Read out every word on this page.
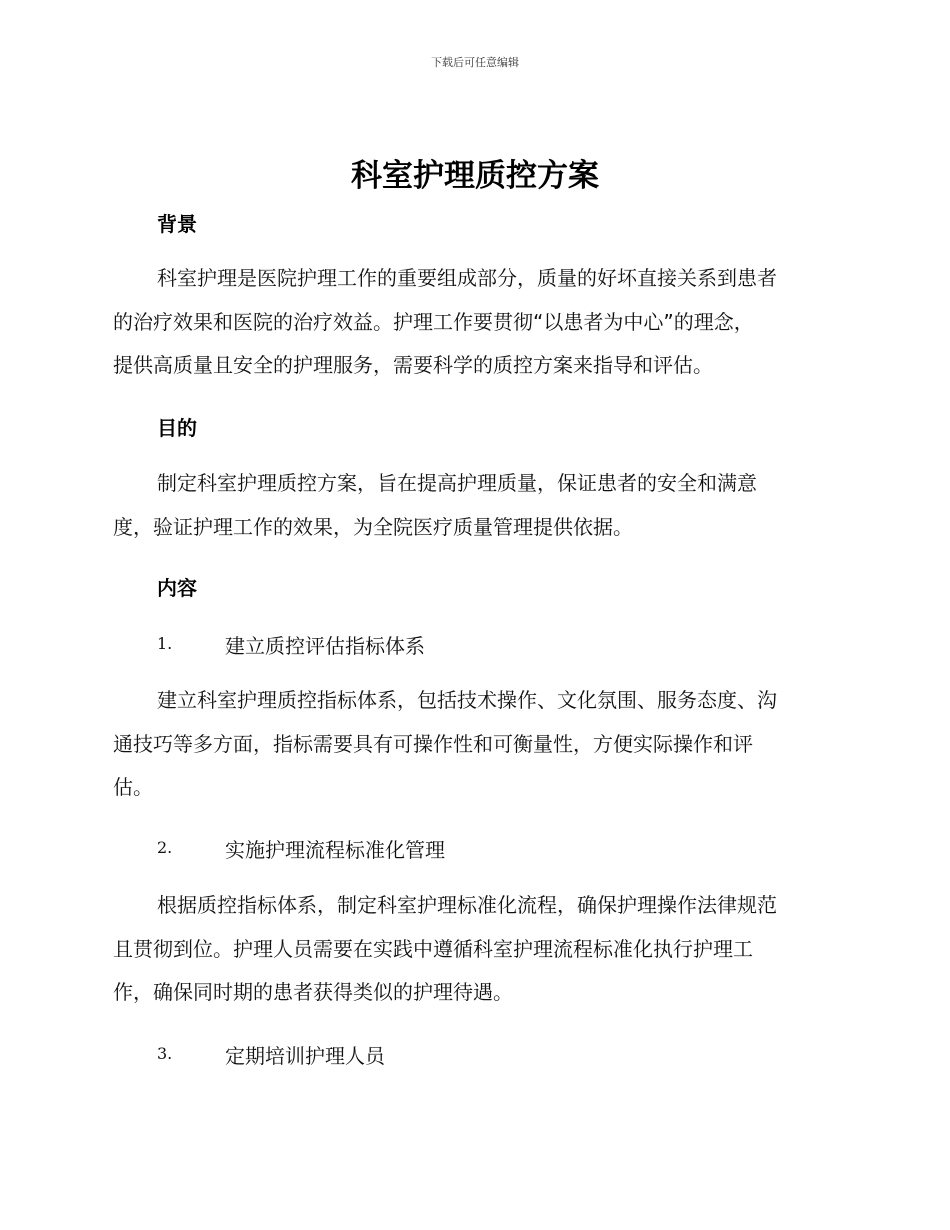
下载后可任意编辑
科室护理质控方案
背景
科室护理是医院护理工作的重要组成部分，质量的好坏直接关系到患者
的治疗效果和医院的治疗效益。护理工作要贯彻“以患者为中心”的理念，
提供高质量且安全的护理服务，需要科学的质控方案来指导和评估。
目的
制定科室护理质控方案，旨在提高护理质量，保证患者的安全和满意
度，验证护理工作的效果，为全院医疗质量管理提供依据。
内容
1.	建立质控评估指标体系
建立科室护理质控指标体系，包括技术操作、文化氛围、服务态度、沟
通技巧等多方面，指标需要具有可操作性和可衡量性，方便实际操作和评
估。
2.	实施护理流程标准化管理
根据质控指标体系，制定科室护理标准化流程，确保护理操作法律规范
且贯彻到位。护理人员需要在实践中遵循科室护理流程标准化执行护理工
作，确保同时期的患者获得类似的护理待遇。
3.	定期培训护理人员
